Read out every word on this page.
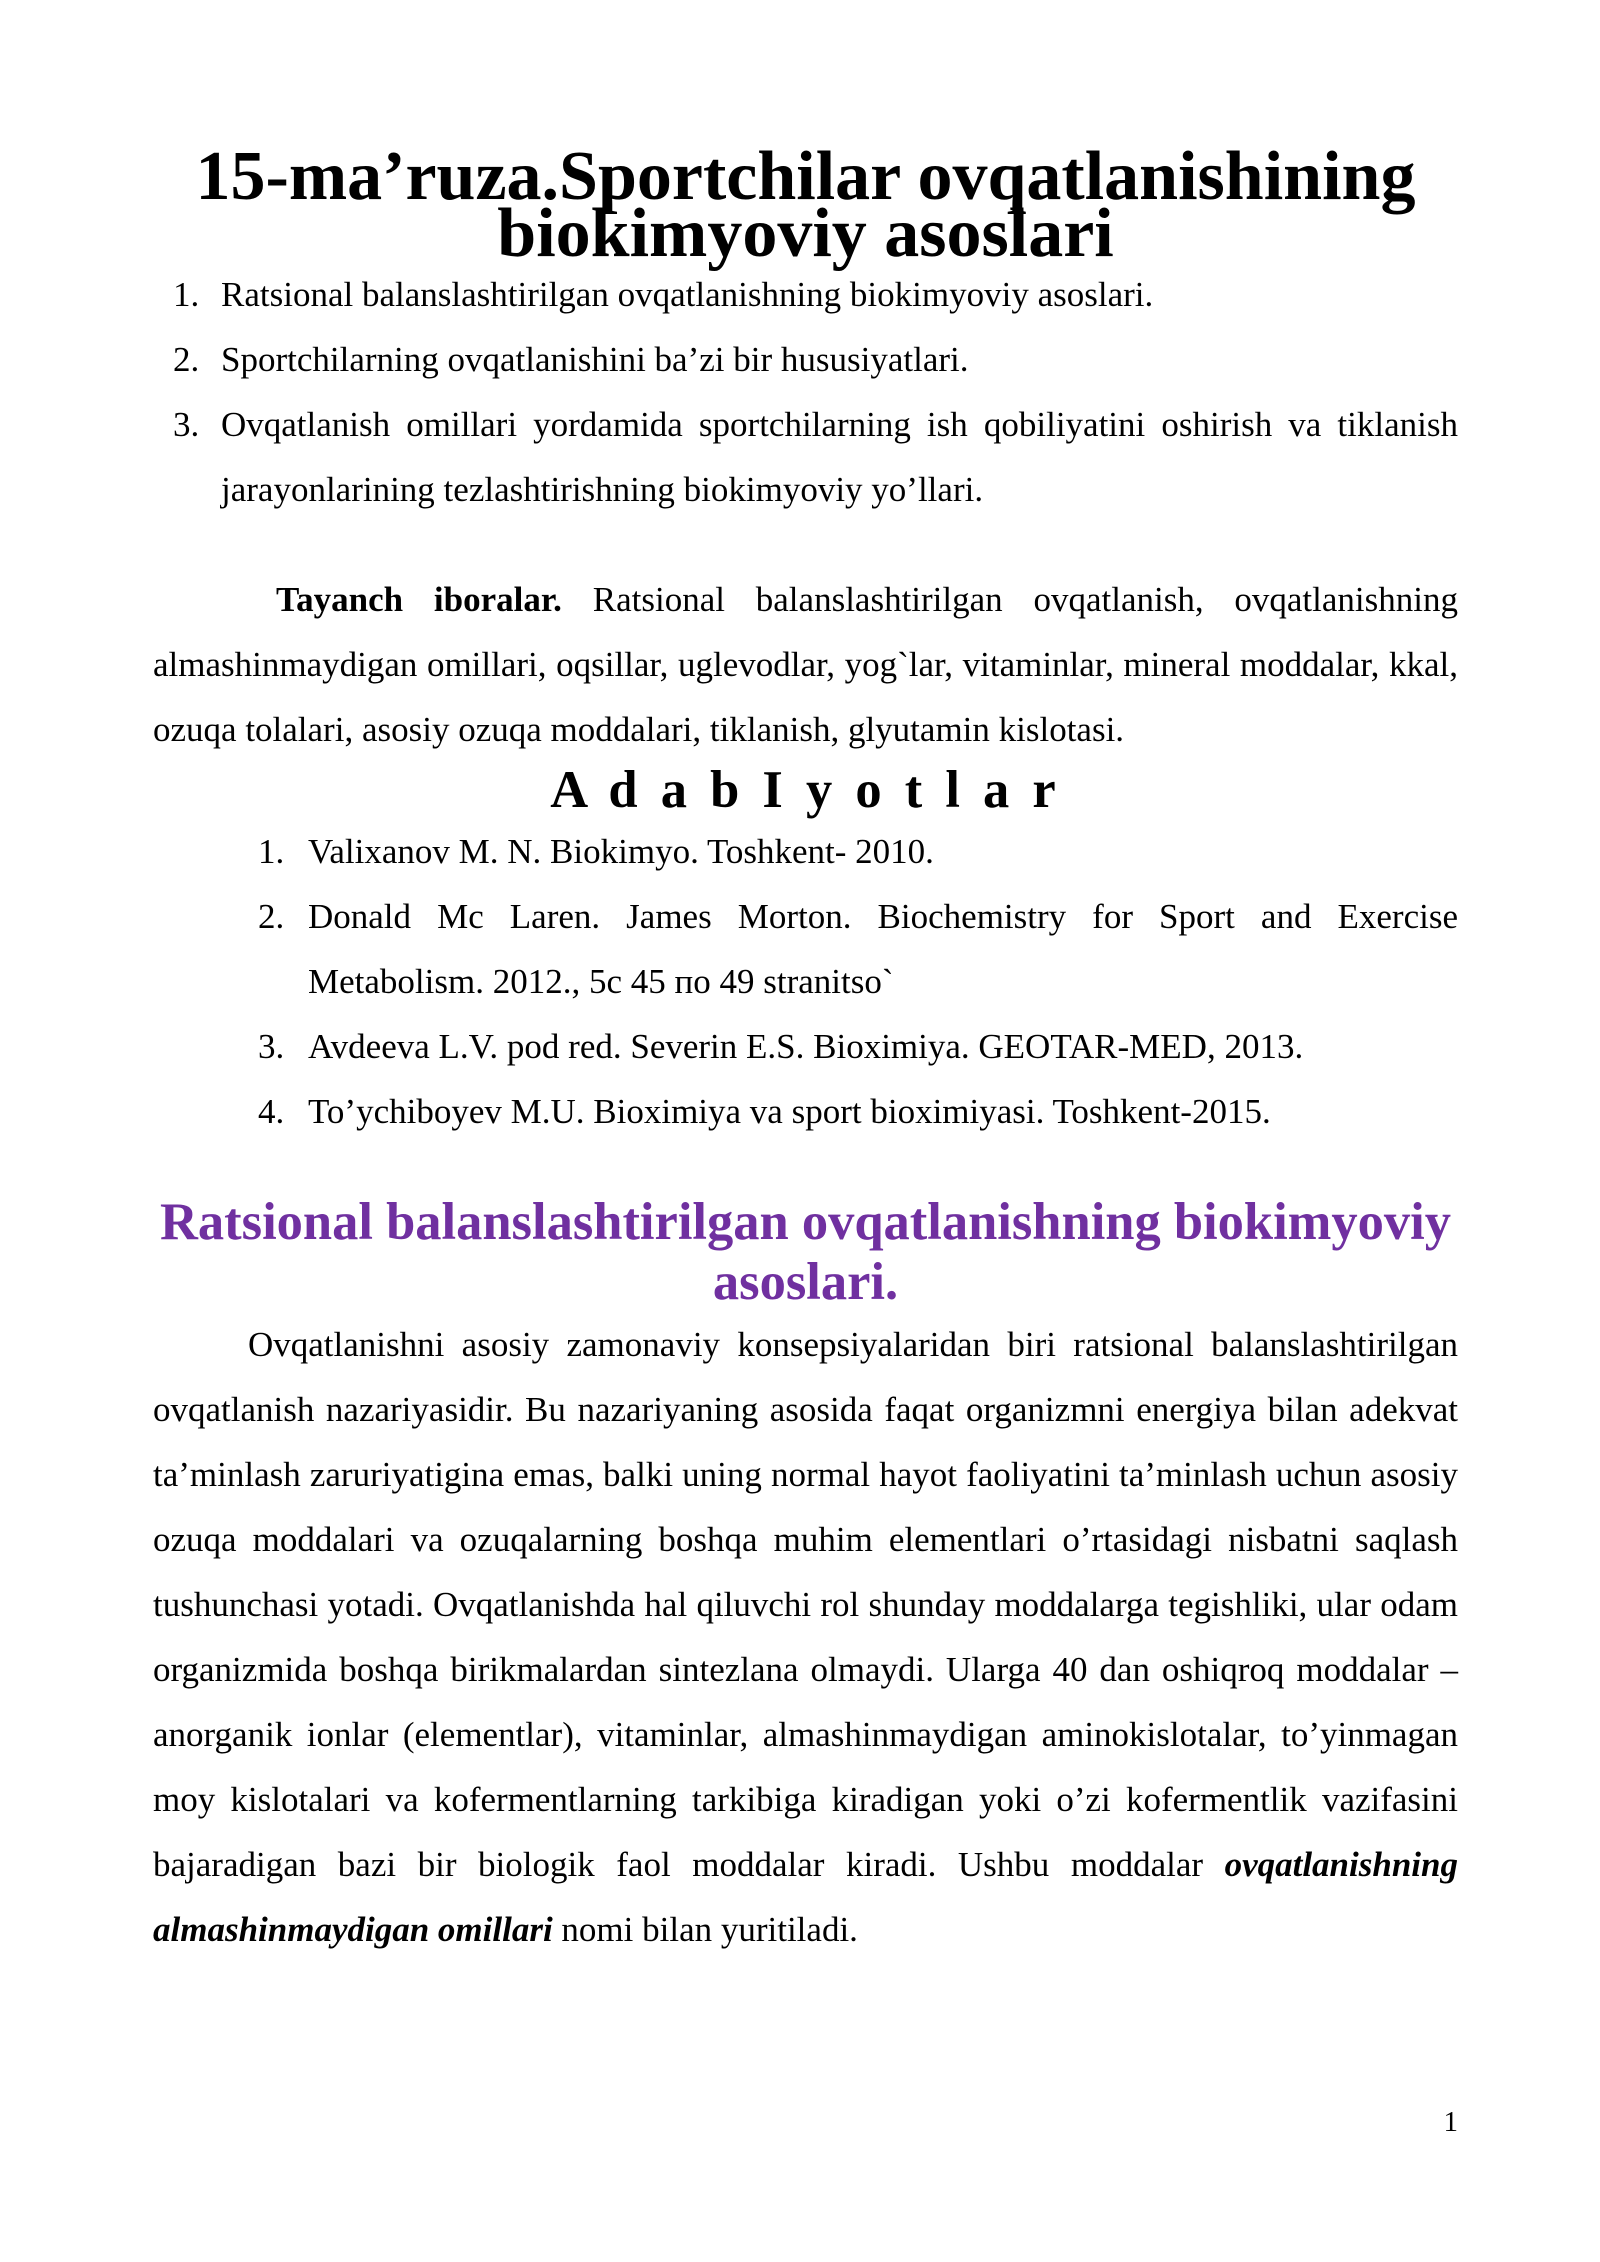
15-ma’ruza.Sportchilar ovqatlanishining biokimyoviy asoslari
1. Ratsional balanslashtirilgan ovqatlanishning biokimyoviy asoslari.
2. Sportchilarning ovqatlanishini ba’zi bir hususiyatlari.
3. Ovqatlanish omillari yordamida sportchilarning ish qobiliyatini oshirish va tiklanish jarayonlarining tezlashtirishning biokimyoviy yo’llari.

Tayanch iboralar. Ratsional balanslashtirilgan ovqatlanish, ovqatlanishning almashinmaydigan omillari, oqsillar, uglevodlar, yog`lar, vitaminlar, mineral moddalar, kkal, ozuqa tolalari, asosiy ozuqa moddalari, tiklanish, glyutamin kislotasi.

A d a b I y o t l a r
1. Valixanov M. N. Biokimyo. Toshkent- 2010.
2. Donald Mc Laren. James Morton. Biochemistry for Sport and Exercise Metabolism. 2012., 5c 45 по 49 stranitso`
3. Avdeeva L.V. pod red. Severin E.S. Bioximiya. GEOTAR-MED, 2013.
4. To’ychiboyev M.U. Bioximiya va sport bioximiyasi. Toshkent-2015.
Ratsional balanslashtirilgan ovqatlanishning biokimyoviy asoslari.

Ovqatlanishni asosiy zamonaviy konsepsiyalaridan biri ratsional balanslashtirilgan ovqatlanish nazariyasidir. Bu nazariyaning asosida faqat organizmni energiya bilan adekvat ta’minlash zaruriyatigina emas, balki uning normal hayot faoliyatini ta’minlash uchun asosiy ozuqa moddalari va ozuqalarning boshqa muhim elementlari o’rtasidagi nisbatni saqlash tushunchasi yotadi. Ovqatlanishda hal qiluvchi rol shunday moddalarga tegishliki, ular odam organizmida boshqa birikmalardan sintezlana olmaydi. Ularga 40 dan oshiqroq moddalar – anorganik ionlar (elementlar), vitaminlar, almashinmaydigan aminokislotalar, to’yinmagan moy kislotalari va kofermentlarning tarkibiga kiradigan yoki o’zi kofermentlik vazifasini bajaradigan bazi bir biologik faol moddalar kiradi. Ushbu moddalar ovqatlanishning almashinmaydigan omillari nomi bilan yuritiladi.

1
